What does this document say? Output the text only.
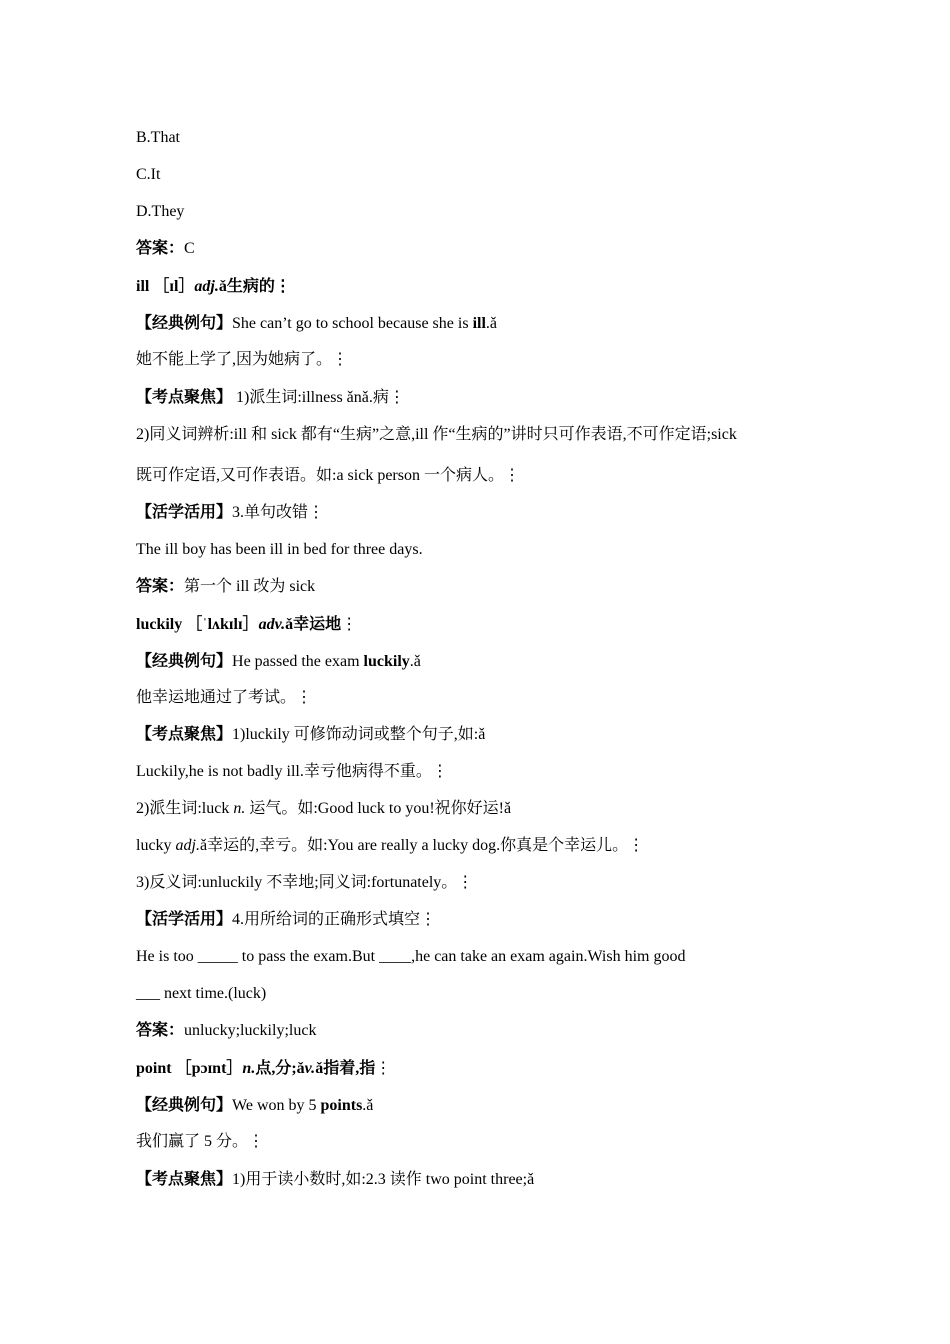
B.That
C.It
D.They
答案：C
ill ［ɪl］adj.ǎ生病的⋮
【经典例句】She can’t go to school because she is ill.ǎ
她不能上学了,因为她病了。⋮
【考点聚焦】 1)派生词:illness ǎnǎ.病⋮
2)同义词辨析:ill 和 sick 都有“生病”之意,ill 作“生病的”讲时只可作表语,不可作定语;sick
既可作定语,又可作表语。如:a sick person 一个病人。⋮
【活学活用】3.单句改错⋮
The ill boy has been ill in bed for three days.
答案：第一个 ill 改为 sick
luckily ［ˈlʌkɪlɪ］adv.ǎ幸运地⋮
【经典例句】He passed the exam luckily.ǎ
他幸运地通过了考试。⋮
【考点聚焦】1)luckily 可修饰动词或整个句子,如:ǎ
Luckily,he is not badly ill.幸亏他病得不重。⋮
2)派生词:luck n. 运气。如:Good luck to you!祝你好运!ǎ
lucky adj.ǎ幸运的,幸亏。如:You are really a lucky dog.你真是个幸运儿。⋮
3)反义词:unluckily 不幸地;同义词:fortunately。⋮
【活学活用】4.用所给词的正确形式填空⋮
He is too _____ to pass the exam.But ____,he can take an exam again.Wish him good
___ next time.(luck)
答案：unlucky;luckily;luck
point ［pɔɪnt］n.点,分;ǎv.ǎ指着,指⋮
【经典例句】We won by 5 points.ǎ
我们赢了 5 分。⋮
【考点聚焦】1)用于读小数时,如:2.3 读作 two point three;ǎ
